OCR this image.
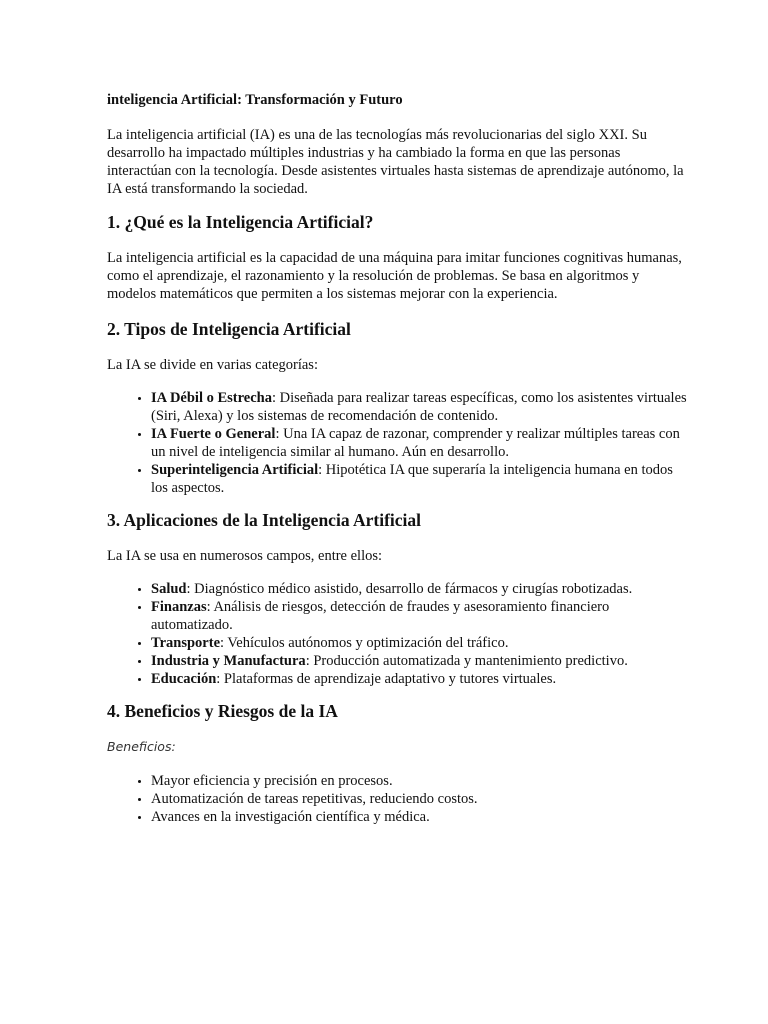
inteligencia Artificial: Transformación y Futuro

La inteligencia artificial (IA) es una de las tecnologías más revolucionarias del siglo XXI. Su desarrollo ha impactado múltiples industrias y ha cambiado la forma en que las personas interactúan con la tecnología. Desde asistentes virtuales hasta sistemas de aprendizaje autónomo, la IA está transformando la sociedad.

1. ¿Qué es la Inteligencia Artificial?

La inteligencia artificial es la capacidad de una máquina para imitar funciones cognitivas humanas, como el aprendizaje, el razonamiento y la resolución de problemas. Se basa en algoritmos y modelos matemáticos que permiten a los sistemas mejorar con la experiencia.

2. Tipos de Inteligencia Artificial

La IA se divide en varias categorías:

• IA Débil o Estrecha: Diseñada para realizar tareas específicas, como los asistentes virtuales (Siri, Alexa) y los sistemas de recomendación de contenido.
• IA Fuerte o General: Una IA capaz de razonar, comprender y realizar múltiples tareas con un nivel de inteligencia similar al humano. Aún en desarrollo.
• Superinteligencia Artificial: Hipotética IA que superaría la inteligencia humana en todos los aspectos.
3. Aplicaciones de la Inteligencia Artificial

La IA se usa en numerosos campos, entre ellos:

• Salud: Diagnóstico médico asistido, desarrollo de fármacos y cirugías robotizadas.
• Finanzas: Análisis de riesgos, detección de fraudes y asesoramiento financiero automatizado.
• Transporte: Vehículos autónomos y optimización del tráfico.
• Industria y Manufactura: Producción automatizada y mantenimiento predictivo.
• Educación: Plataformas de aprendizaje adaptativo y tutores virtuales.
4. Beneficios y Riesgos de la IA
Beneficios:
• Mayor eficiencia y precisión en procesos.
• Automatización de tareas repetitivas, reduciendo costos.
• Avances en la investigación científica y médica.
